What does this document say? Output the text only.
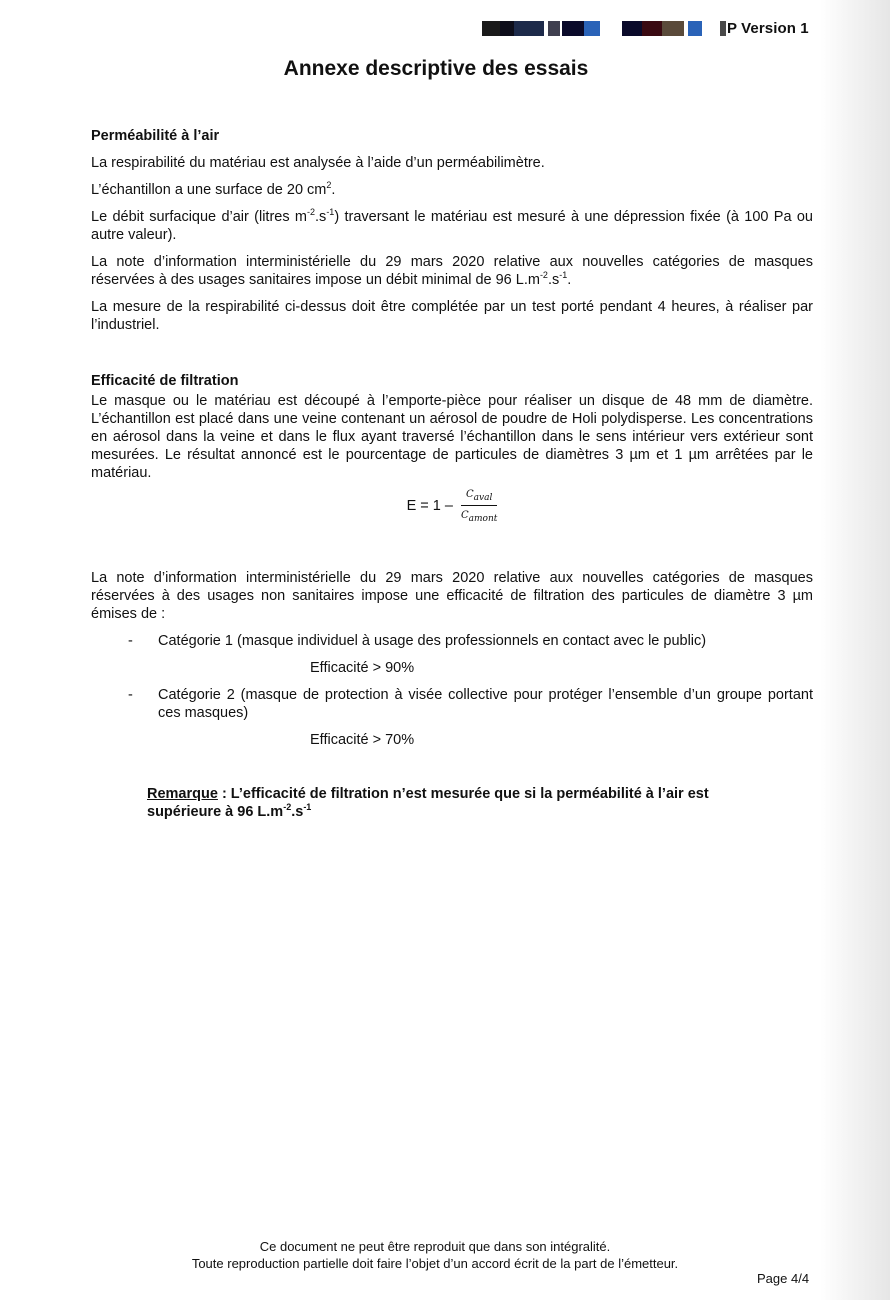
P Version 1
Annexe descriptive des essais
Perméabilité à l’air

La respirabilité du matériau est analysée à l’aide d’un perméabilimètre.

L’échantillon a une surface de 20 $cm^2$.

Le débit surfacique d’air (litres $m^{-2}.s^{-1}$) traversant le matériau est mesuré à une dépression fixée (à 100 Pa ou autre valeur).

La note d’information interministérielle du 29 mars 2020 relative aux nouvelles catégories de masques réservées à des usages sanitaires impose un débit minimal de 96 $L.m^{-2}.s^{-1}$.

La mesure de la respirabilité ci-dessus doit être complétée par un test porté pendant 4 heures, à réaliser par l’industriel.

Efficacité de filtration

Le masque ou le matériau est découpé à l’emporte-pièce pour réaliser un disque de 48 mm de diamètre. L’échantillon est placé dans une veine contenant un aérosol de poudre de Holi polydisperse. Les concentrations en aérosol dans la veine et dans le flux ayant traversé l’échantillon dans le sens intérieur vers extérieur sont mesurées. Le résultat annoncé est le pourcentage de particules de diamètres 3 µm et 1 µm arrêtées par le matériau.

$E = 1 - \frac{C_{aval}}{C_{amont}}$

La note d’information interministérielle du 29 mars 2020 relative aux nouvelles catégories de masques réservées à des usages non sanitaires impose une efficacité de filtration des particules de diamètre 3 µm émises de :

- Catégorie 1 (masque individuel à usage des professionnels en contact avec le public)
Efficacité > 90%
- Catégorie 2 (masque de protection à visée collective pour protéger l’ensemble d’un groupe portant ces masques)
Efficacité > 70%
Remarque : L’efficacité de filtration n’est mesurée que si la perméabilité à l’air est supérieure à 96 $L.m^{-2}.s^{-1}$
Ce document ne peut être reproduit que dans son intégralité.
Toute reproduction partielle doit faire l’objet d’un accord écrit de la part de l’émetteur.
Page 4/4
